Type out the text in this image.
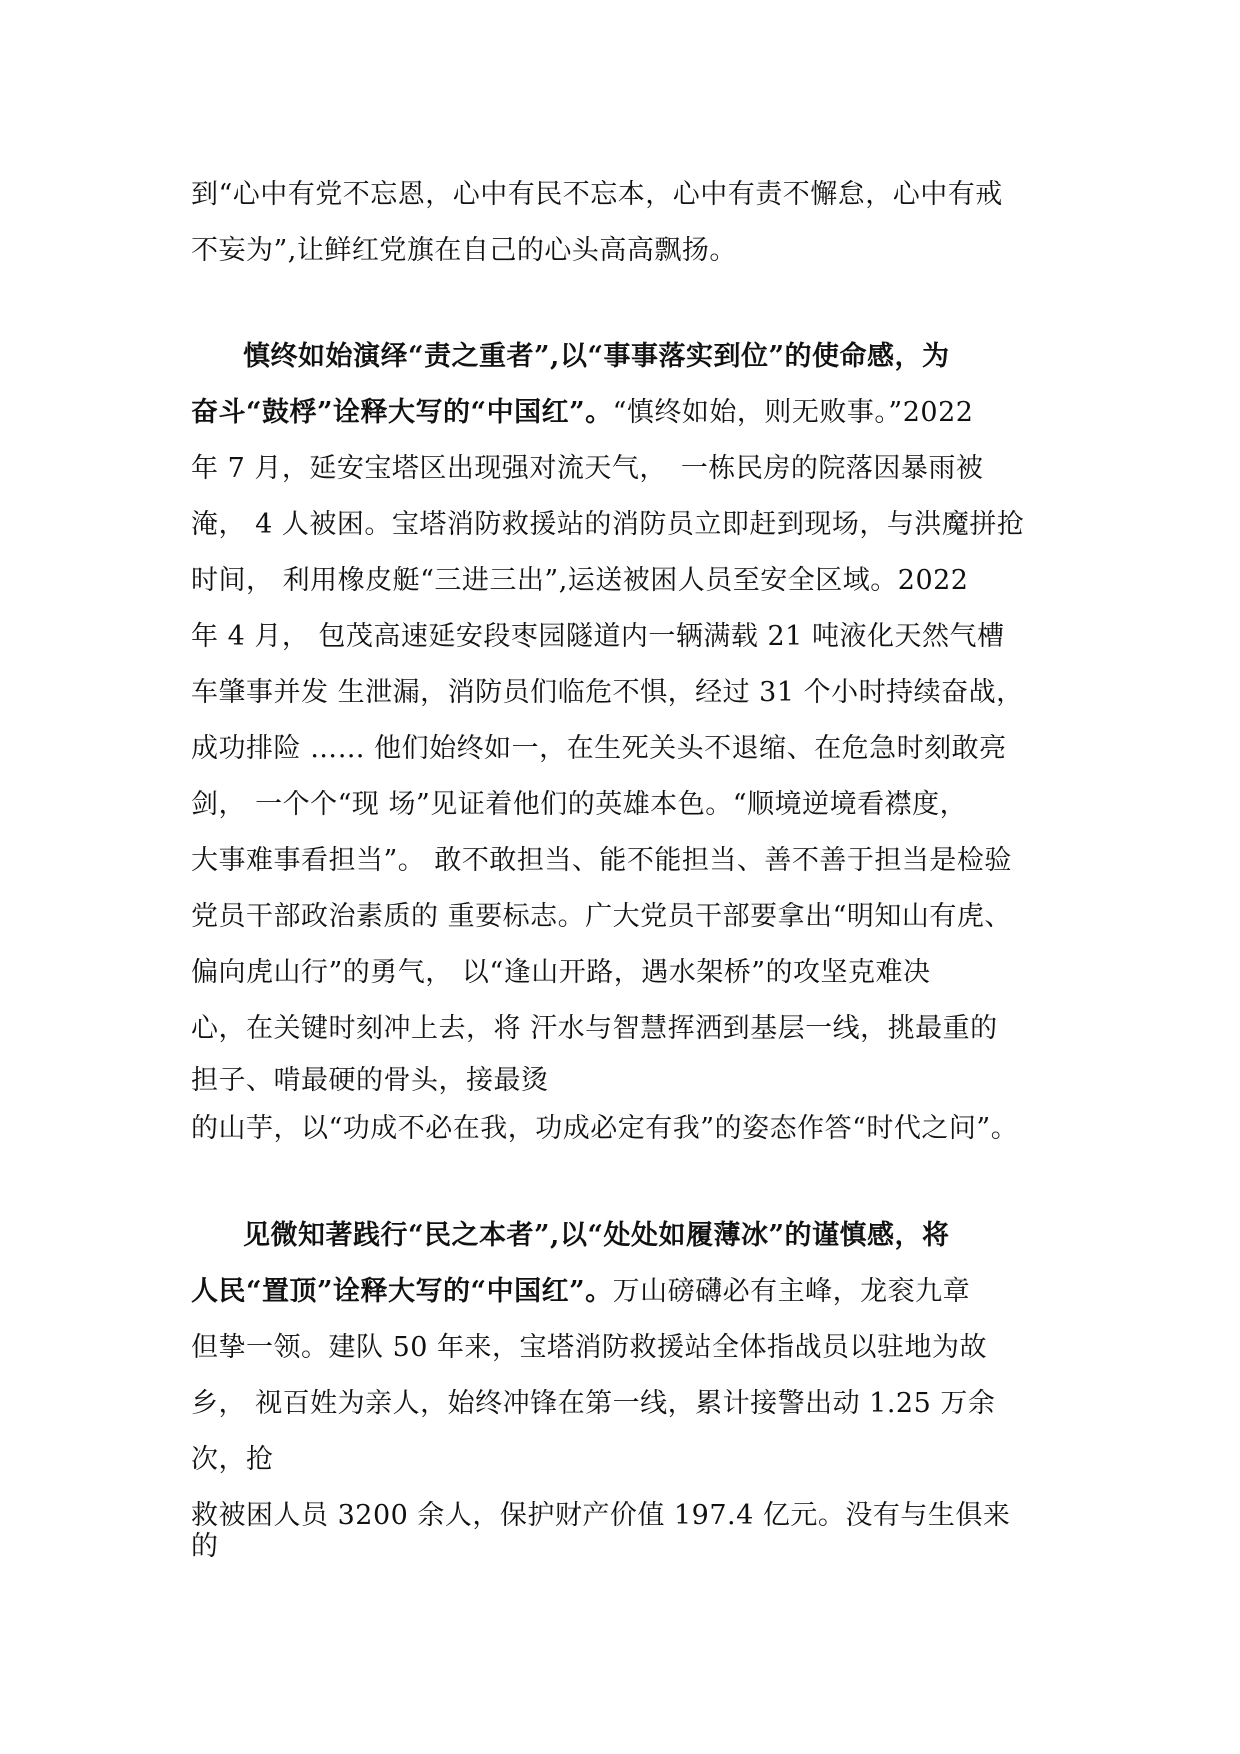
到“心中有党不忘恩，心中有民不忘本，心中有责不懈怠，心中有戒
不妄为”,让鲜红党旗在自己的心头高高飘扬。
慎终如始演绎“责之重者”,以“事事落实到位”的使命感，为
奋斗“鼓桴”诠释大写的“中国红”。“慎终如始，则无败事。”2022
年 7 月，延安宝塔区出现强对流天气，　一栋民房的院落因暴雨被
淹， 4 人被困。宝塔消防救援站的消防员立即赶到现场，与洪魔拼抢
时间， 利用橡皮艇“三进三出”,运送被困人员至安全区域。2022
年 4 月， 包茂高速延安段枣园隧道内一辆满载 21 吨液化天然气槽
车肇事并发 生泄漏，消防员们临危不惧，经过 31 个小时持续奋战，
成功排险 …… 他们始终如一，在生死关头不退缩、在危急时刻敢亮
剑， 一个个“现 场”见证着他们的英雄本色。“顺境逆境看襟度，
大事难事看担当”。 敢不敢担当、能不能担当、善不善于担当是检验
党员干部政治素质的 重要标志。广大党员干部要拿出“明知山有虎、
偏向虎山行”的勇气， 以“逢山开路，遇水架桥”的攻坚克难决
心，在关键时刻冲上去，将 汗水与智慧挥洒到基层一线，挑最重的
担子、啃最硬的骨头，接最烫
的山芋，以“功成不必在我，功成必定有我”的姿态作答“时代之问”。
见微知著践行“民之本者”,以“处处如履薄冰”的谨慎感，将
人民“置顶”诠释大写的“中国红”。万山磅礴必有主峰，龙衮九章
但挚一领。建队 50 年来，宝塔消防救援站全体指战员以驻地为故
乡， 视百姓为亲人，始终冲锋在第一线，累计接警出动 1.25 万余
次，抢
救被困人员 3200 余人，保护财产价值 197.4 亿元。没有与生俱来
的
